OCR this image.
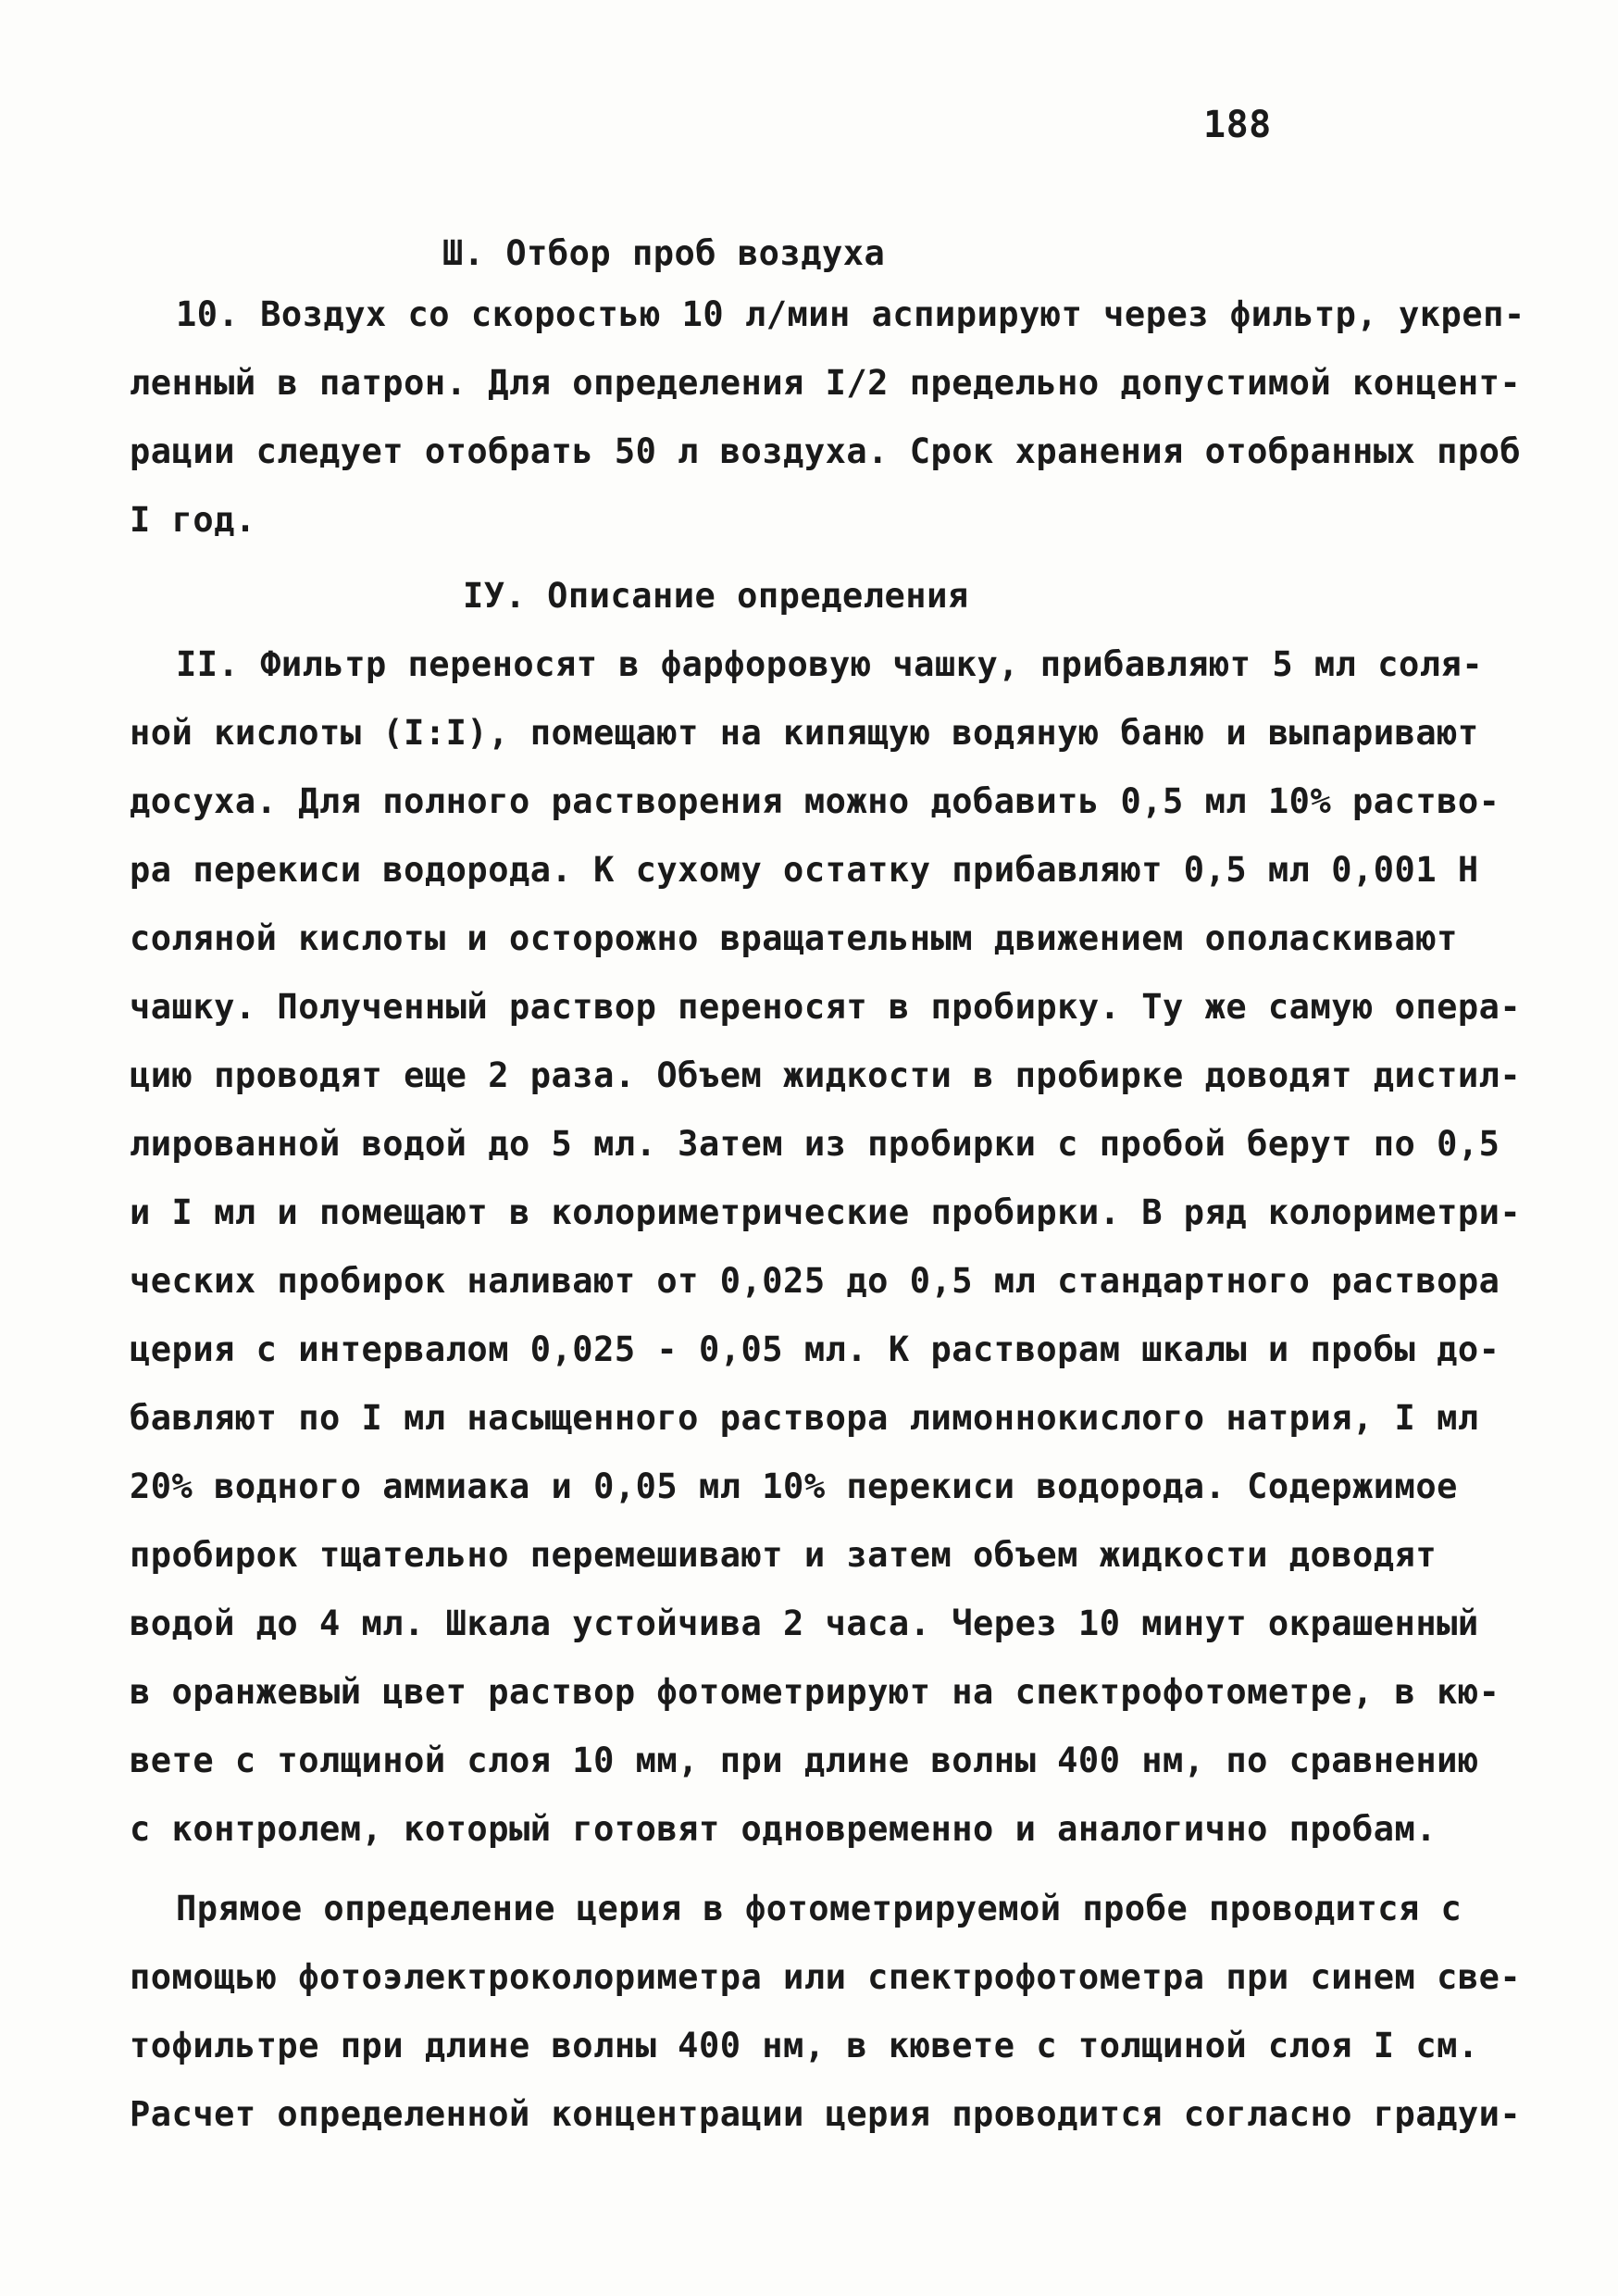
188
Ш. Отбор проб воздуха
10. Воздух со скоростью 10 л/мин аспирируют через фильтр, укреп-
ленный в патрон. Для определения I/2 предельно допустимой концент-
рации следует отобрать 50 л воздуха. Срок хранения отобранных проб
I год.
IУ. Описание определения
II. Фильтр переносят в фарфоровую чашку, прибавляют 5 мл соля-
ной кислоты (I:I), помещают на кипящую водяную баню и выпаривают
досуха. Для полного растворения можно добавить 0,5 мл 10% раство-
ра перекиси водорода. К сухому остатку прибавляют 0,5 мл 0,001 Н
соляной кислоты и осторожно вращательным движением ополаскивают
чашку. Полученный раствор переносят в пробирку. Ту же самую опера-
цию проводят еще 2 раза. Объем жидкости в пробирке доводят дистил-
лированной водой до 5 мл. Затем из пробирки с пробой берут по 0,5
и I мл и помещают в колориметрические пробирки. В ряд колориметри-
ческих пробирок наливают от 0,025 до 0,5 мл стандартного раствора
церия с интервалом 0,025 - 0,05 мл. К растворам шкалы и пробы до-
бавляют по I мл насыщенного раствора лимоннокислого натрия, I мл
20% водного аммиака и 0,05 мл 10% перекиси водорода. Содержимое
пробирок тщательно перемешивают и затем объем жидкости доводят
водой до 4 мл. Шкала устойчива 2 часа. Через 10 минут окрашенный
в оранжевый цвет раствор фотометрируют на спектрофотометре, в кю-
вете с толщиной слоя 10 мм, при длине волны 400 нм, по сравнению
с контролем, который готовят одновременно и аналогично пробам.
Прямое определение церия в фотометрируемой пробе проводится с
помощью фотоэлектроколориметра или спектрофотометра при синем све-
тофильтре при длине волны 400 нм, в кювете с толщиной слоя I см.
Расчет определенной концентрации церия проводится согласно градуи-
